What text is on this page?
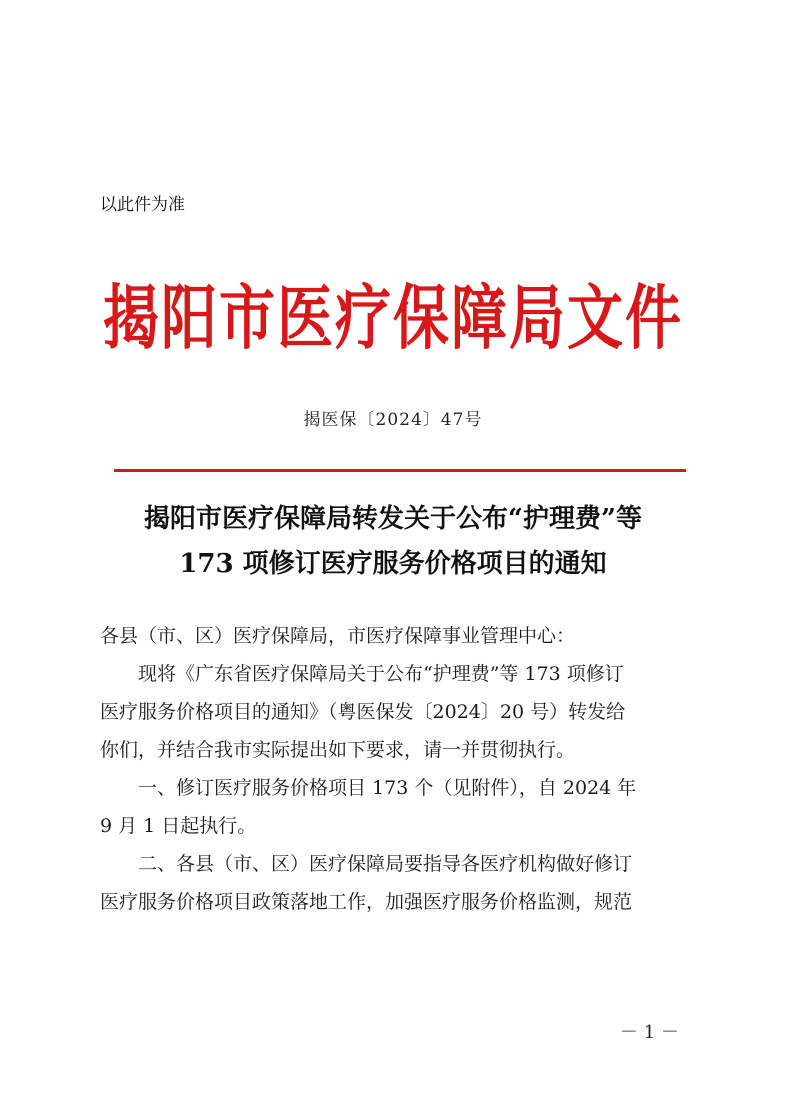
以此件为准
揭阳市医疗保障局文件
揭医保〔2024〕47号
揭阳市医疗保障局转发关于公布“护理费”等
173 项修订医疗服务价格项目的通知
各县（市、区）医疗保障局，市医疗保障事业管理中心：
现将《广东省医疗保障局关于公布“护理费”等 173 项修订
医疗服务价格项目的通知》（粤医保发〔2024〕20 号）转发给
你们，并结合我市实际提出如下要求，请一并贯彻执行。
一、修订医疗服务价格项目 173 个（见附件），自 2024 年
9 月 1 日起执行。
二、各县（市、区）医疗保障局要指导各医疗机构做好修订
医疗服务价格项目政策落地工作，加强医疗服务价格监测，规范
－ 1 －
